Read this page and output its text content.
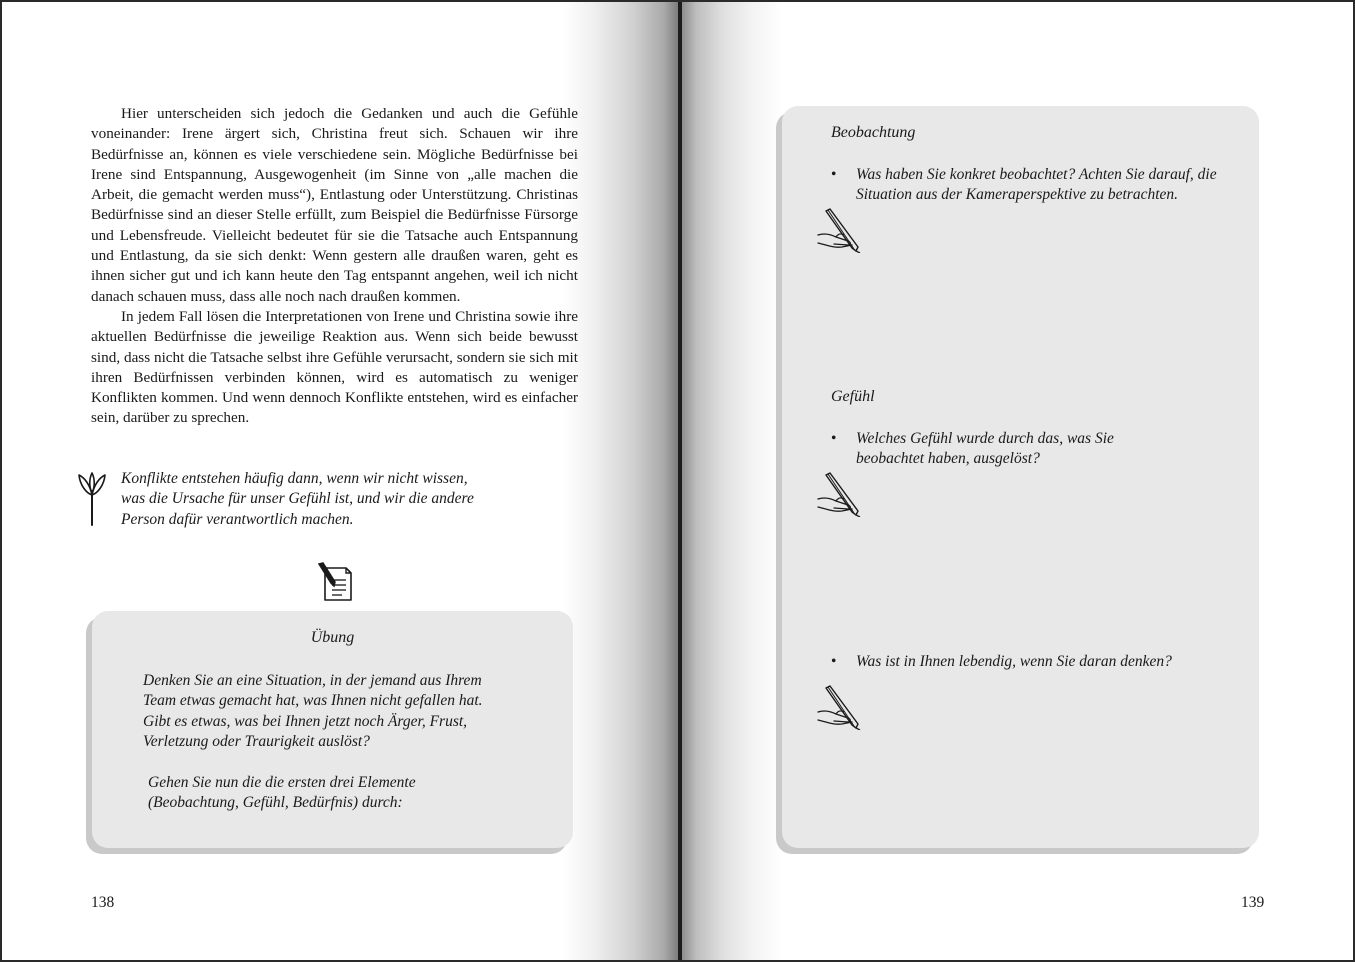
Hier unterscheiden sich jedoch die Gedanken und auch die Gefühle voneinander: Irene ärgert sich, Christina freut sich. Schauen wir ihre Bedürfnisse an, können es viele verschiedene sein. Mögliche Bedürfnisse bei Irene sind Entspannung, Ausgewogenheit (im Sinne von „alle machen die Arbeit, die gemacht werden muss“), Entlastung oder Unterstützung. Christinas Bedürfnisse sind an dieser Stelle erfüllt, zum Beispiel die Bedürfnisse Fürsorge und Lebensfreude. Vielleicht bedeutet für sie die Tatsache auch Entspannung und Entlastung, da sie sich denkt: Wenn gestern alle draußen waren, geht es ihnen sicher gut und ich kann heute den Tag entspannt angehen, weil ich nicht danach schauen muss, dass alle noch nach draußen kommen.

In jedem Fall lösen die Interpretationen von Irene und Christina sowie ihre aktuellen Bedürfnisse die jeweilige Reaktion aus. Wenn sich beide bewusst sind, dass nicht die Tatsache selbst ihre Gefühle verursacht, sondern sie sich mit ihren Bedürfnissen verbinden können, wird es automatisch zu weniger Konflikten kommen. Und wenn dennoch Konflikte entstehen, wird es einfacher sein, darüber zu sprechen.

Konflikte entstehen häufig dann, wenn wir nicht wissen, was die Ursache für unser Gefühl ist, und wir die andere Person dafür verantwortlich machen.

Übung

Denken Sie an eine Situation, in der jemand aus Ihrem Team etwas gemacht hat, was Ihnen nicht gefallen hat. Gibt es etwas, was bei Ihnen jetzt noch Ärger, Frust, Verletzung oder Traurigkeit auslöst?

Gehen Sie nun die die ersten drei Elemente (Beobachtung, Gefühl, Bedürfnis) durch:

138

Beobachtung

• Was haben Sie konkret beobachtet? Achten Sie darauf, die Situation aus der Kameraperspektive zu betrachten.

Gefühl

• Welches Gefühl wurde durch das, was Sie beobachtet haben, ausgelöst?
• Was ist in Ihnen lebendig, wenn Sie daran denken?

139
